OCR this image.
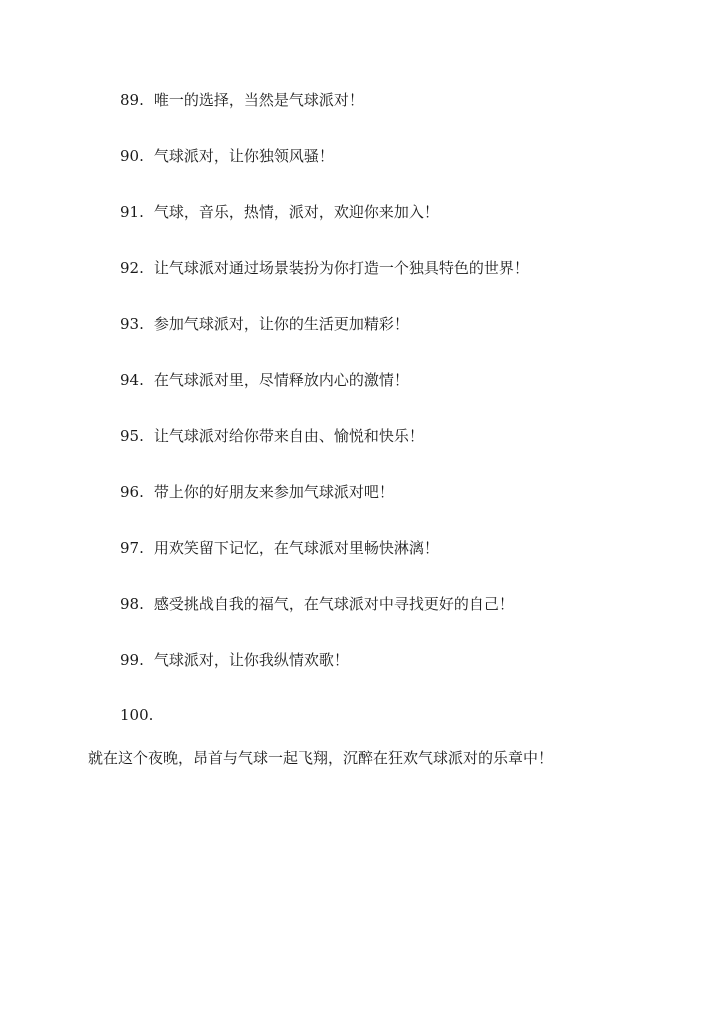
89. 唯一的选择，当然是气球派对！
90. 气球派对，让你独领风骚！
91. 气球，音乐，热情，派对，欢迎你来加入！
92. 让气球派对通过场景装扮为你打造一个独具特色的世界！
93. 参加气球派对，让你的生活更加精彩！
94. 在气球派对里，尽情释放内心的激情！
95. 让气球派对给你带来自由、愉悦和快乐！
96. 带上你的好朋友来参加气球派对吧！
97. 用欢笑留下记忆，在气球派对里畅快淋漓！
98. 感受挑战自我的福气，在气球派对中寻找更好的自己！
99. 气球派对，让你我纵情欢歌！
100.
就在这个夜晚，昂首与气球一起飞翔，沉醉在狂欢气球派对的乐章中！
